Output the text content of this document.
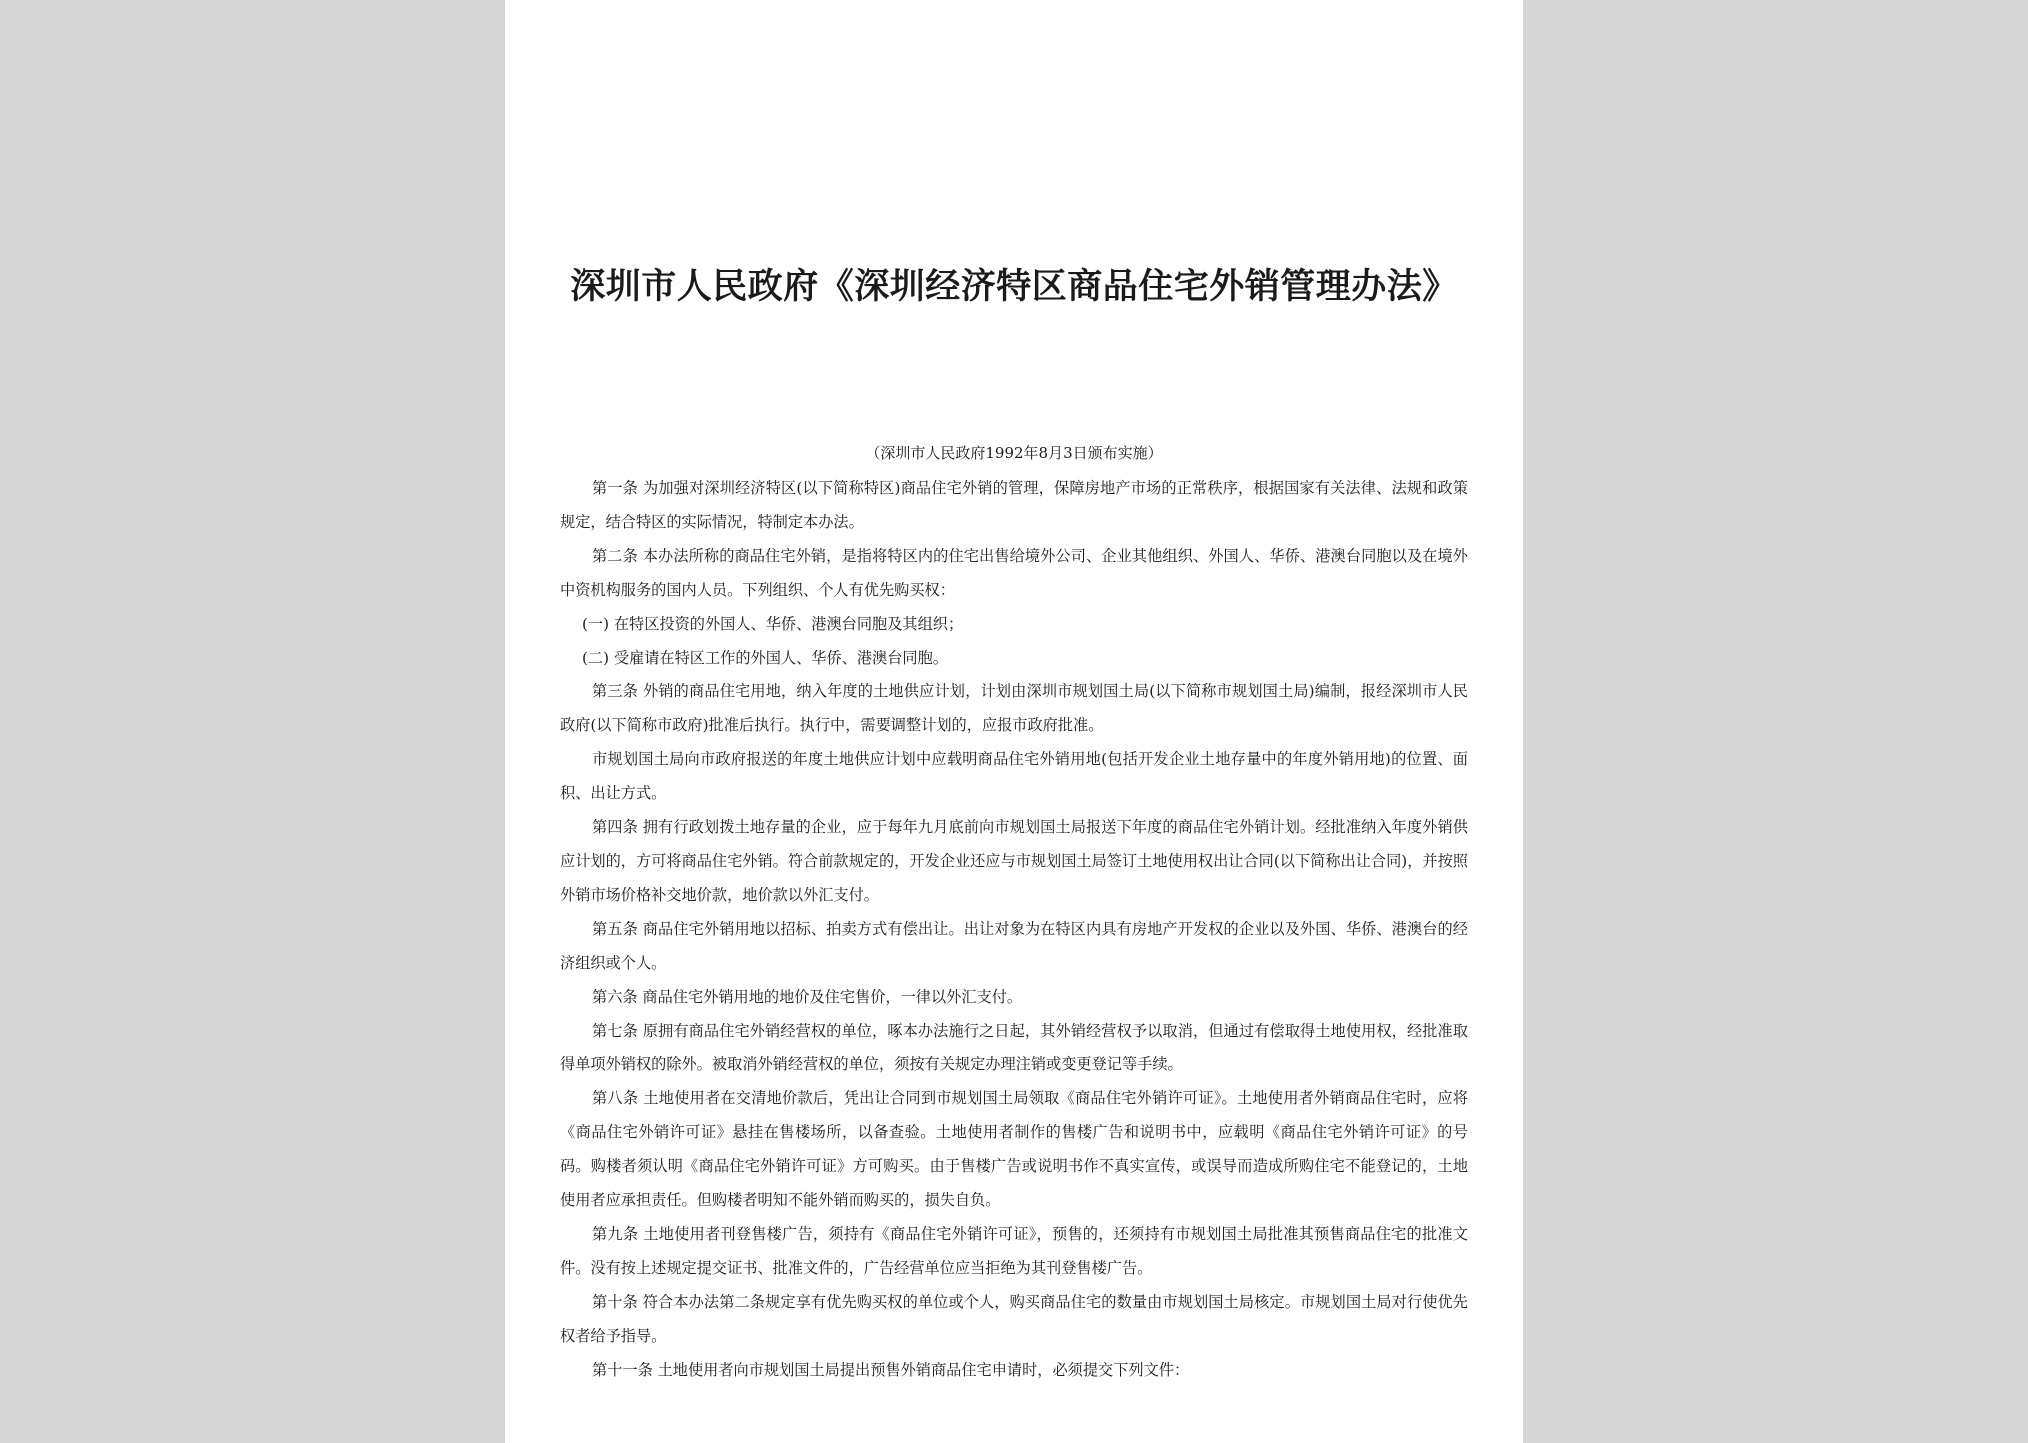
深圳市人民政府《深圳经济特区商品住宅外销管理办法》
（深圳市人民政府1992年8月3日颁布实施）

第一条 为加强对深圳经济特区(以下简称特区)商品住宅外销的管理，保障房地产市场的正常秩序，根据国家有关法律、法规和政策规定，结合特区的实际情况，特制定本办法。

第二条 本办法所称的商品住宅外销，是指将特区内的住宅出售给境外公司、企业其他组织、外国人、华侨、港澳台同胞以及在境外中资机构服务的国内人员。下列组织、个人有优先购买权：

(一) 在特区投资的外国人、华侨、港澳台同胞及其组织；

(二) 受雇请在特区工作的外国人、华侨、港澳台同胞。

第三条 外销的商品住宅用地，纳入年度的土地供应计划，计划由深圳市规划国土局(以下简称市规划国土局)编制，报经深圳市人民政府(以下简称市政府)批准后执行。执行中，需要调整计划的，应报市政府批准。

市规划国土局向市政府报送的年度土地供应计划中应载明商品住宅外销用地(包括开发企业土地存量中的年度外销用地)的位置、面积、出让方式。

第四条 拥有行政划拨土地存量的企业，应于每年九月底前向市规划国土局报送下年度的商品住宅外销计划。经批准纳入年度外销供应计划的，方可将商品住宅外销。符合前款规定的，开发企业还应与市规划国土局签订土地使用权出让合同(以下简称出让合同)，并按照外销市场价格补交地价款，地价款以外汇支付。

第五条 商品住宅外销用地以招标、拍卖方式有偿出让。出让对象为在特区内具有房地产开发权的企业以及外国、华侨、港澳台的经济组织或个人。

第六条 商品住宅外销用地的地价及住宅售价，一律以外汇支付。

第七条 原拥有商品住宅外销经营权的单位，啄本办法施行之日起，其外销经营权予以取消，但通过有偿取得土地使用权，经批准取得单项外销权的除外。被取消外销经营权的单位，须按有关规定办理注销或变更登记等手续。

第八条 土地使用者在交清地价款后，凭出让合同到市规划国土局领取《商品住宅外销许可证》。土地使用者外销商品住宅时，应将《商品住宅外销许可证》悬挂在售楼场所，以备查验。土地使用者制作的售楼广告和说明书中，应载明《商品住宅外销许可证》的号码。购楼者须认明《商品住宅外销许可证》方可购买。由于售楼广告或说明书作不真实宣传，或误导而造成所购住宅不能登记的，土地使用者应承担责任。但购楼者明知不能外销而购买的，损失自负。

第九条 土地使用者刊登售楼广告，须持有《商品住宅外销许可证》，预售的，还须持有市规划国土局批准其预售商品住宅的批准文件。没有按上述规定提交证书、批准文件的，广告经营单位应当拒绝为其刊登售楼广告。

第十条 符合本办法第二条规定享有优先购买权的单位或个人，购买商品住宅的数量由市规划国土局核定。市规划国土局对行使优先权者给予指导。

第十一条 土地使用者向市规划国土局提出预售外销商品住宅申请时，必须提交下列文件：
